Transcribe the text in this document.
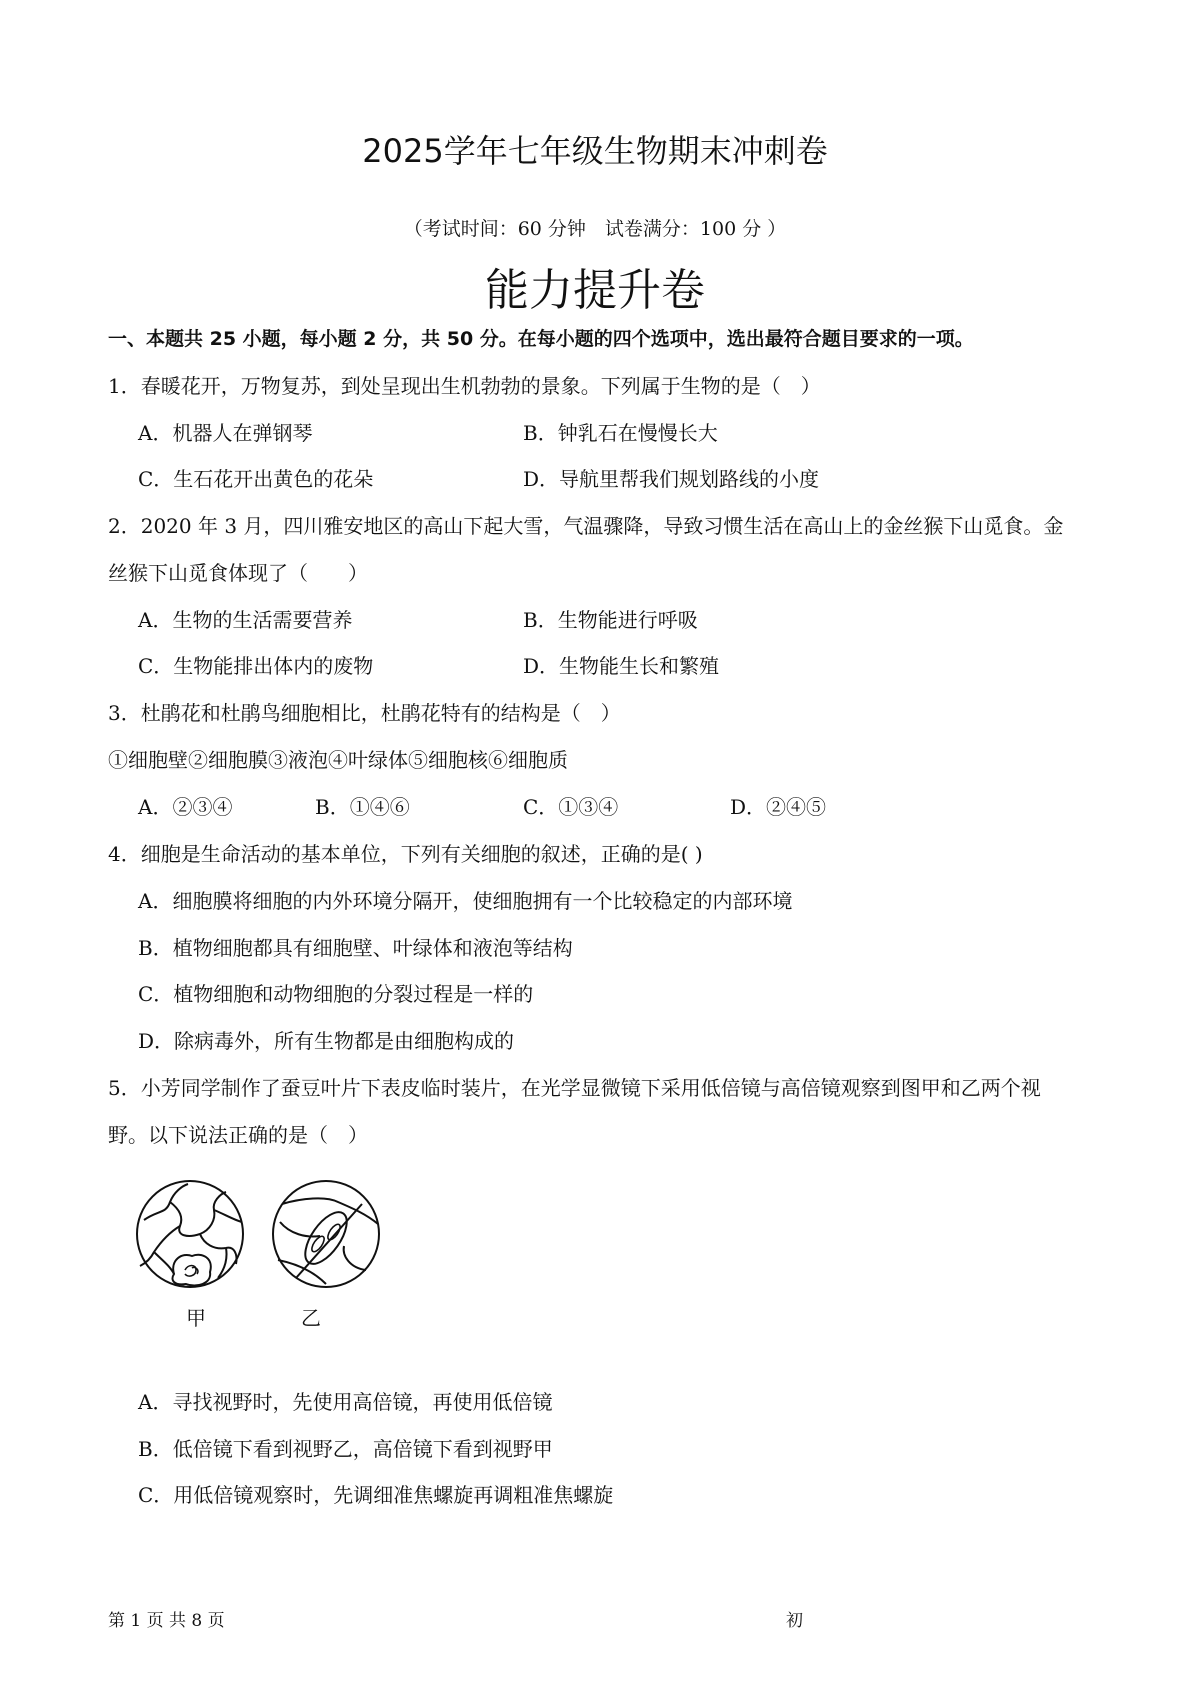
2025学年七年级生物期末冲刺卷
（考试时间：60 分钟　试卷满分：100 分 ）
能力提升卷
一、本题共 25 小题，每小题 2 分，共 50 分。在每小题的四个选项中，选出最符合题目要求的一项。
1．春暖花开，万物复苏，到处呈现出生机勃勃的景象。下列属于生物的是（　）
A．机器人在弹钢琴	B．钟乳石在慢慢长大
C．生石花开出黄色的花朵	D．导航里帮我们规划路线的小度
2．2020 年 3 月，四川雅安地区的高山下起大雪，气温骤降，导致习惯生活在高山上的金丝猴下山觅食。金
丝猴下山觅食体现了（　　）
A．生物的生活需要营养	B．生物能进行呼吸
C．生物能排出体内的废物	D．生物能生长和繁殖
3．杜鹃花和杜鹃鸟细胞相比，杜鹃花特有的结构是（　）
①细胞壁②细胞膜③液泡④叶绿体⑤细胞核⑥细胞质
A．②③④	B．①④⑥	C．①③④	D．②④⑤
4．细胞是生命活动的基本单位，下列有关细胞的叙述，正确的是( )
A．细胞膜将细胞的内外环境分隔开，使细胞拥有一个比较稳定的内部环境
B．植物细胞都具有细胞壁、叶绿体和液泡等结构
C．植物细胞和动物细胞的分裂过程是一样的
D．除病毒外，所有生物都是由细胞构成的
5．小芳同学制作了蚕豆叶片下表皮临时装片，在光学显微镜下采用低倍镜与高倍镜观察到图甲和乙两个视
野。以下说法正确的是（　）
甲	乙
A．寻找视野时，先使用高倍镜，再使用低倍镜
B．低倍镜下看到视野乙，高倍镜下看到视野甲
C．用低倍镜观察时，先调细准焦螺旋再调粗准焦螺旋
第 1 页 共 8 页	初
